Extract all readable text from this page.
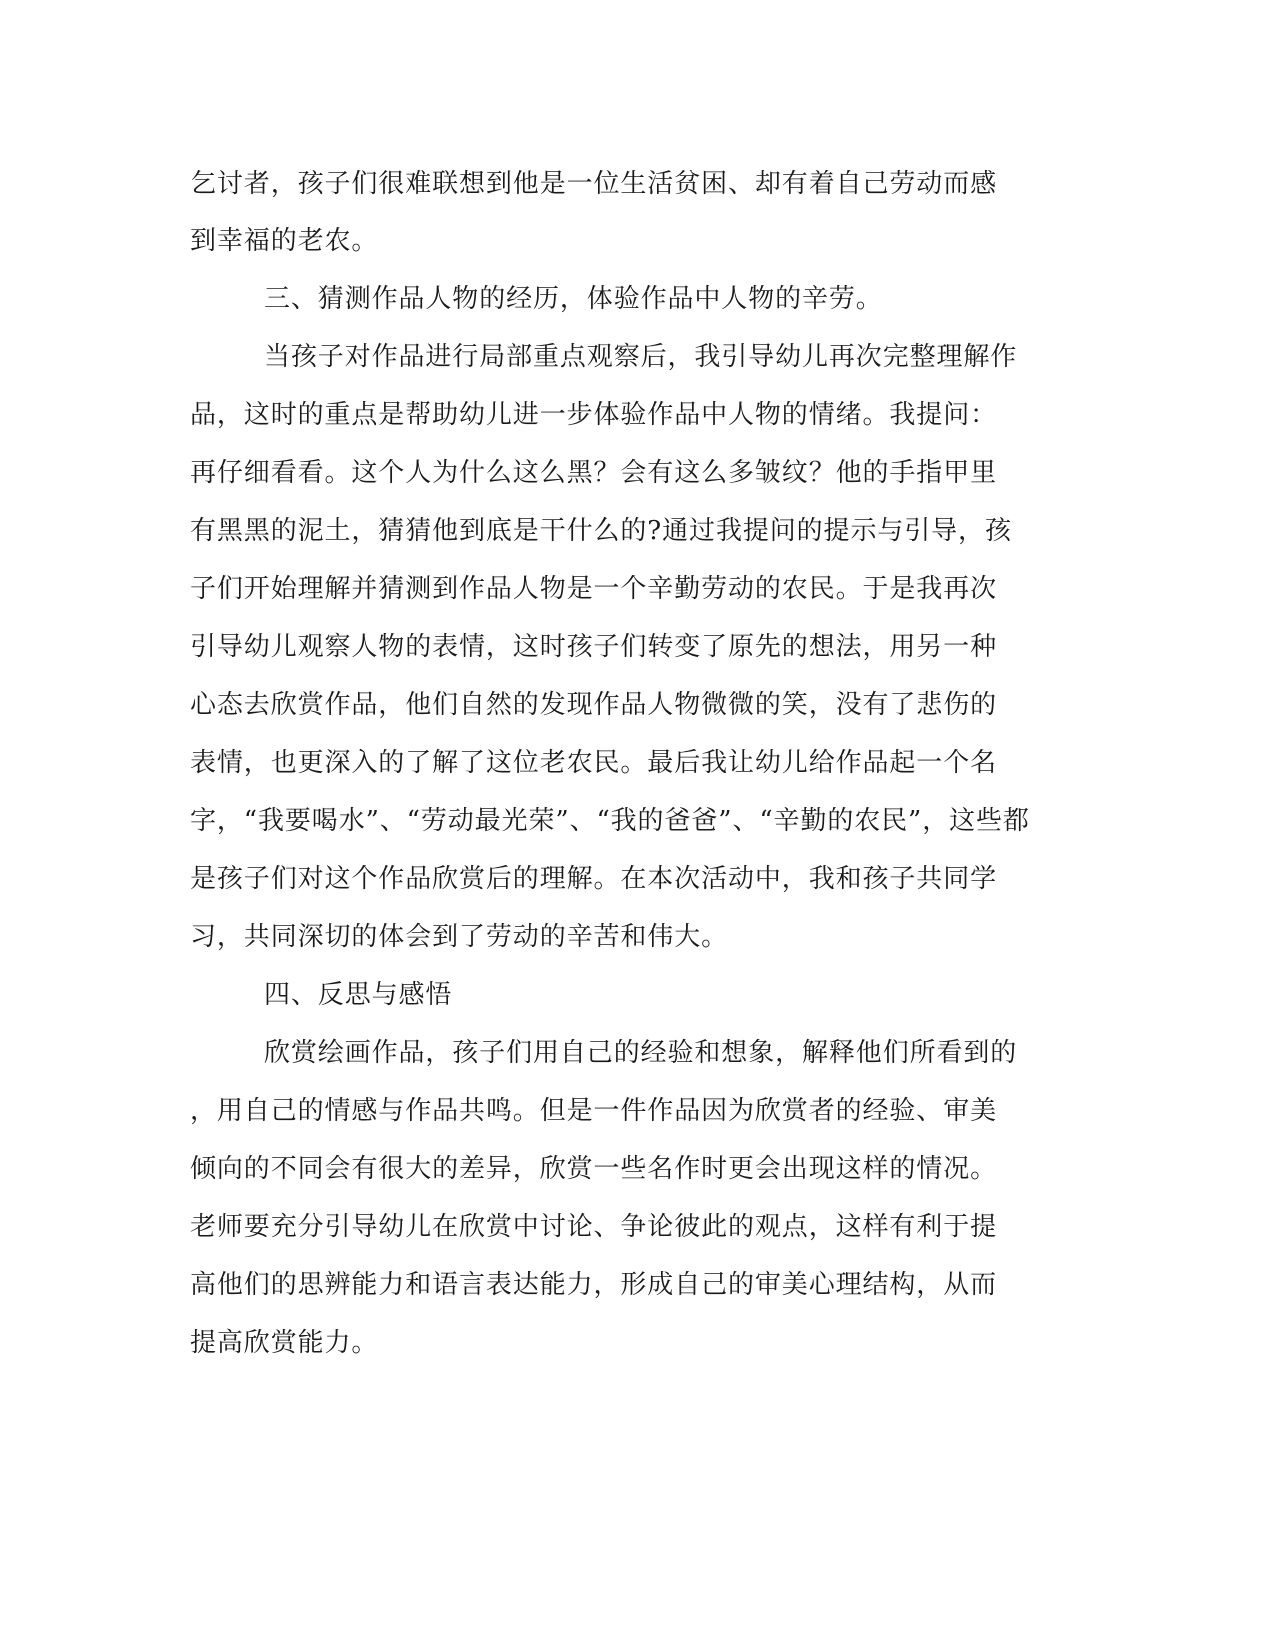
乞讨者，孩子们很难联想到他是一位生活贫困、却有着自己劳动而感

到幸福的老农。

三、猜测作品人物的经历，体验作品中人物的辛劳。

当孩子对作品进行局部重点观察后，我引导幼儿再次完整理解作

品，这时的重点是帮助幼儿进一步体验作品中人物的情绪。我提问：

再仔细看看。这个人为什么这么黑？会有这么多皱纹？他的手指甲里

有黑黑的泥土，猜猜他到底是干什么的?通过我提问的提示与引导，孩

子们开始理解并猜测到作品人物是一个辛勤劳动的农民。于是我再次

引导幼儿观察人物的表情，这时孩子们转变了原先的想法，用另一种

心态去欣赏作品，他们自然的发现作品人物微微的笑，没有了悲伤的

表情，也更深入的了解了这位老农民。最后我让幼儿给作品起一个名

字，“我要喝水”、“劳动最光荣”、“我的爸爸”、“辛勤的农民”，这些都

是孩子们对这个作品欣赏后的理解。在本次活动中，我和孩子共同学

习，共同深切的体会到了劳动的辛苦和伟大。

四、反思与感悟

欣赏绘画作品，孩子们用自己的经验和想象，解释他们所看到的

，用自己的情感与作品共鸣。但是一件作品因为欣赏者的经验、审美

倾向的不同会有很大的差异，欣赏一些名作时更会出现这样的情况。

老师要充分引导幼儿在欣赏中讨论、争论彼此的观点，这样有利于提

高他们的思辨能力和语言表达能力，形成自己的审美心理结构，从而

提高欣赏能力。
